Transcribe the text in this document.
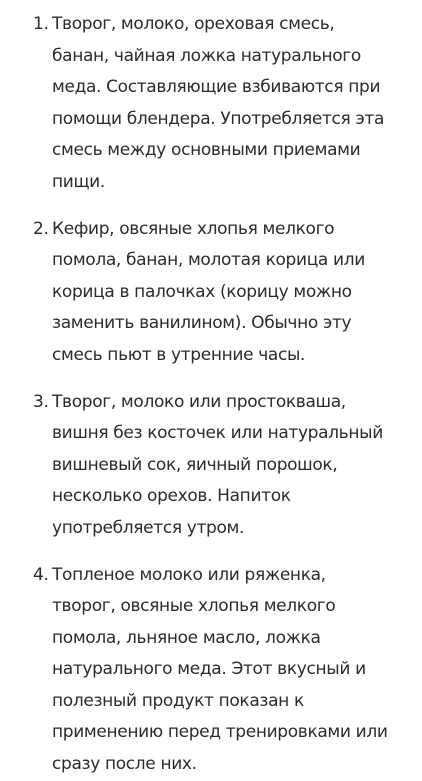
1. Творог, молоко, ореховая смесь, банан, чайная ложка натурального меда. Составляющие взбиваются при помощи блендера. Употребляется эта смесь между основными приемами пищи.
2. Кефир, овсяные хлопья мелкого помола, банан, молотая корица или корица в палочках (корицу можно заменить ванилином). Обычно эту смесь пьют в утренние часы.
3. Творог, молоко или простокваша, вишня без косточек или натуральный вишневый сок, яичный порошок, несколько орехов. Напиток употребляется утром.
4. Топленое молоко или ряженка, творог, овсяные хлопья мелкого помола, льняное масло, ложка натурального меда. Этот вкусный и полезный продукт показан к применению перед тренировками или сразу после них.
